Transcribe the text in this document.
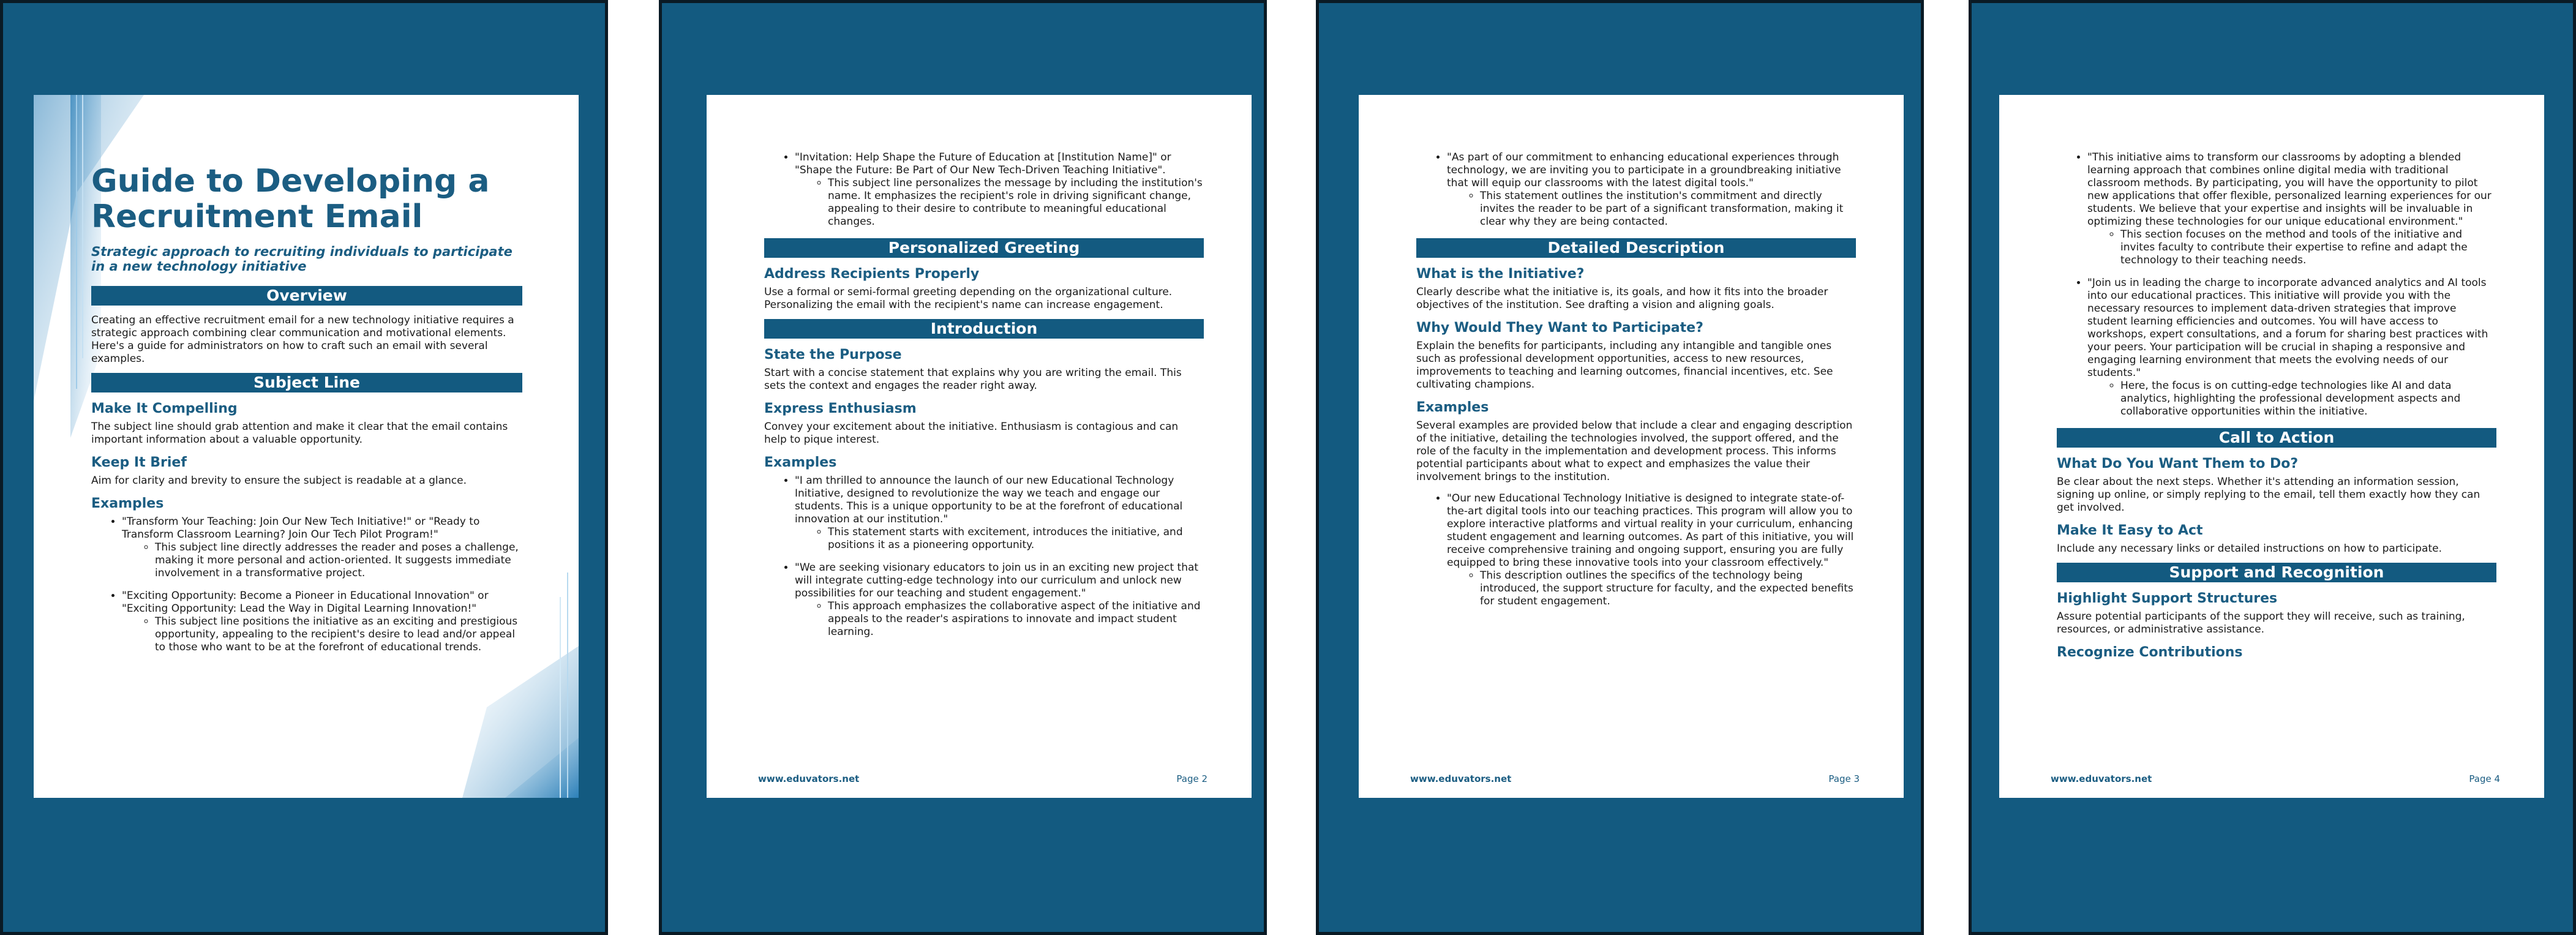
Guide to Developing a Recruitment Email
Strategic approach to recruiting individuals to participate in a new technology initiative
Overview

Creating an effective recruitment email for a new technology initiative requires a strategic approach combining clear communication and motivational elements. Here's a guide for administrators on how to craft such an email with several examples.

Subject Line
Make It Compelling

The subject line should grab attention and make it clear that the email contains important information about a valuable opportunity.

Keep It Brief

Aim for clarity and brevity to ensure the subject is readable at a glance.

Examples
• "Transform Your Teaching: Join Our New Tech Initiative!" or "Ready to Transform Classroom Learning? Join Our Tech Pilot Program!"
◦ This subject line directly addresses the reader and poses a challenge, making it more personal and action-oriented. It suggests immediate involvement in a transformative project.
• "Exciting Opportunity: Become a Pioneer in Educational Innovation" or "Exciting Opportunity: Lead the Way in Digital Learning Innovation!"
◦ This subject line positions the initiative as an exciting and prestigious opportunity, appealing to the recipient's desire to lead and/or appeal to those who want to be at the forefront of educational trends.
• "Invitation: Help Shape the Future of Education at [Institution Name]" or "Shape the Future: Be Part of Our New Tech-Driven Teaching Initiative".
◦ This subject line personalizes the message by including the institution's name. It emphasizes the recipient's role in driving significant change, appealing to their desire to contribute to meaningful educational changes.
Personalized Greeting
Address Recipients Properly

Use a formal or semi-formal greeting depending on the organizational culture. Personalizing the email with the recipient's name can increase engagement.

Introduction
State the Purpose

Start with a concise statement that explains why you are writing the email. This sets the context and engages the reader right away.

Express Enthusiasm

Convey your excitement about the initiative. Enthusiasm is contagious and can help to pique interest.

Examples
• "I am thrilled to announce the launch of our new Educational Technology Initiative, designed to revolutionize the way we teach and engage our students. This is a unique opportunity to be at the forefront of educational innovation at our institution."
◦ This statement starts with excitement, introduces the initiative, and positions it as a pioneering opportunity.
• "We are seeking visionary educators to join us in an exciting new project that will integrate cutting-edge technology into our curriculum and unlock new possibilities for our teaching and student engagement."
◦ This approach emphasizes the collaborative aspect of the initiative and appeals to the reader's aspirations to innovate and impact student learning.
www.eduvators.net	Page 2
• "As part of our commitment to enhancing educational experiences through technology, we are inviting you to participate in a groundbreaking initiative that will equip our classrooms with the latest digital tools."
◦ This statement outlines the institution's commitment and directly invites the reader to be part of a significant transformation, making it clear why they are being contacted.
Detailed Description
What is the Initiative?

Clearly describe what the initiative is, its goals, and how it fits into the broader objectives of the institution. See drafting a vision and aligning goals.

Why Would They Want to Participate?

Explain the benefits for participants, including any intangible and tangible ones such as professional development opportunities, access to new resources, improvements to teaching and learning outcomes, financial incentives, etc. See cultivating champions.

Examples

Several examples are provided below that include a clear and engaging description of the initiative, detailing the technologies involved, the support offered, and the role of the faculty in the implementation and development process. This informs potential participants about what to expect and emphasizes the value their involvement brings to the institution.

• "Our new Educational Technology Initiative is designed to integrate state-of-the-art digital tools into our teaching practices. This program will allow you to explore interactive platforms and virtual reality in your curriculum, enhancing student engagement and learning outcomes. As part of this initiative, you will receive comprehensive training and ongoing support, ensuring you are fully equipped to bring these innovative tools into your classroom effectively."
◦ This description outlines the specifics of the technology being introduced, the support structure for faculty, and the expected benefits for student engagement.
www.eduvators.net	Page 3
• "This initiative aims to transform our classrooms by adopting a blended learning approach that combines online digital media with traditional classroom methods. By participating, you will have the opportunity to pilot new applications that offer flexible, personalized learning experiences for our students. We believe that your expertise and insights will be invaluable in optimizing these technologies for our unique educational environment."
◦ This section focuses on the method and tools of the initiative and invites faculty to contribute their expertise to refine and adapt the technology to their teaching needs.
• "Join us in leading the charge to incorporate advanced analytics and AI tools into our educational practices. This initiative will provide you with the necessary resources to implement data-driven strategies that improve student learning efficiencies and outcomes. You will have access to workshops, expert consultations, and a forum for sharing best practices with your peers. Your participation will be crucial in shaping a responsive and engaging learning environment that meets the evolving needs of our students."
◦ Here, the focus is on cutting-edge technologies like AI and data analytics, highlighting the professional development aspects and collaborative opportunities within the initiative.
Call to Action
What Do You Want Them to Do?

Be clear about the next steps. Whether it's attending an information session, signing up online, or simply replying to the email, tell them exactly how they can get involved.

Make It Easy to Act

Include any necessary links or detailed instructions on how to participate.

Support and Recognition
Highlight Support Structures

Assure potential participants of the support they will receive, such as training, resources, or administrative assistance.

Recognize Contributions
www.eduvators.net	Page 4
